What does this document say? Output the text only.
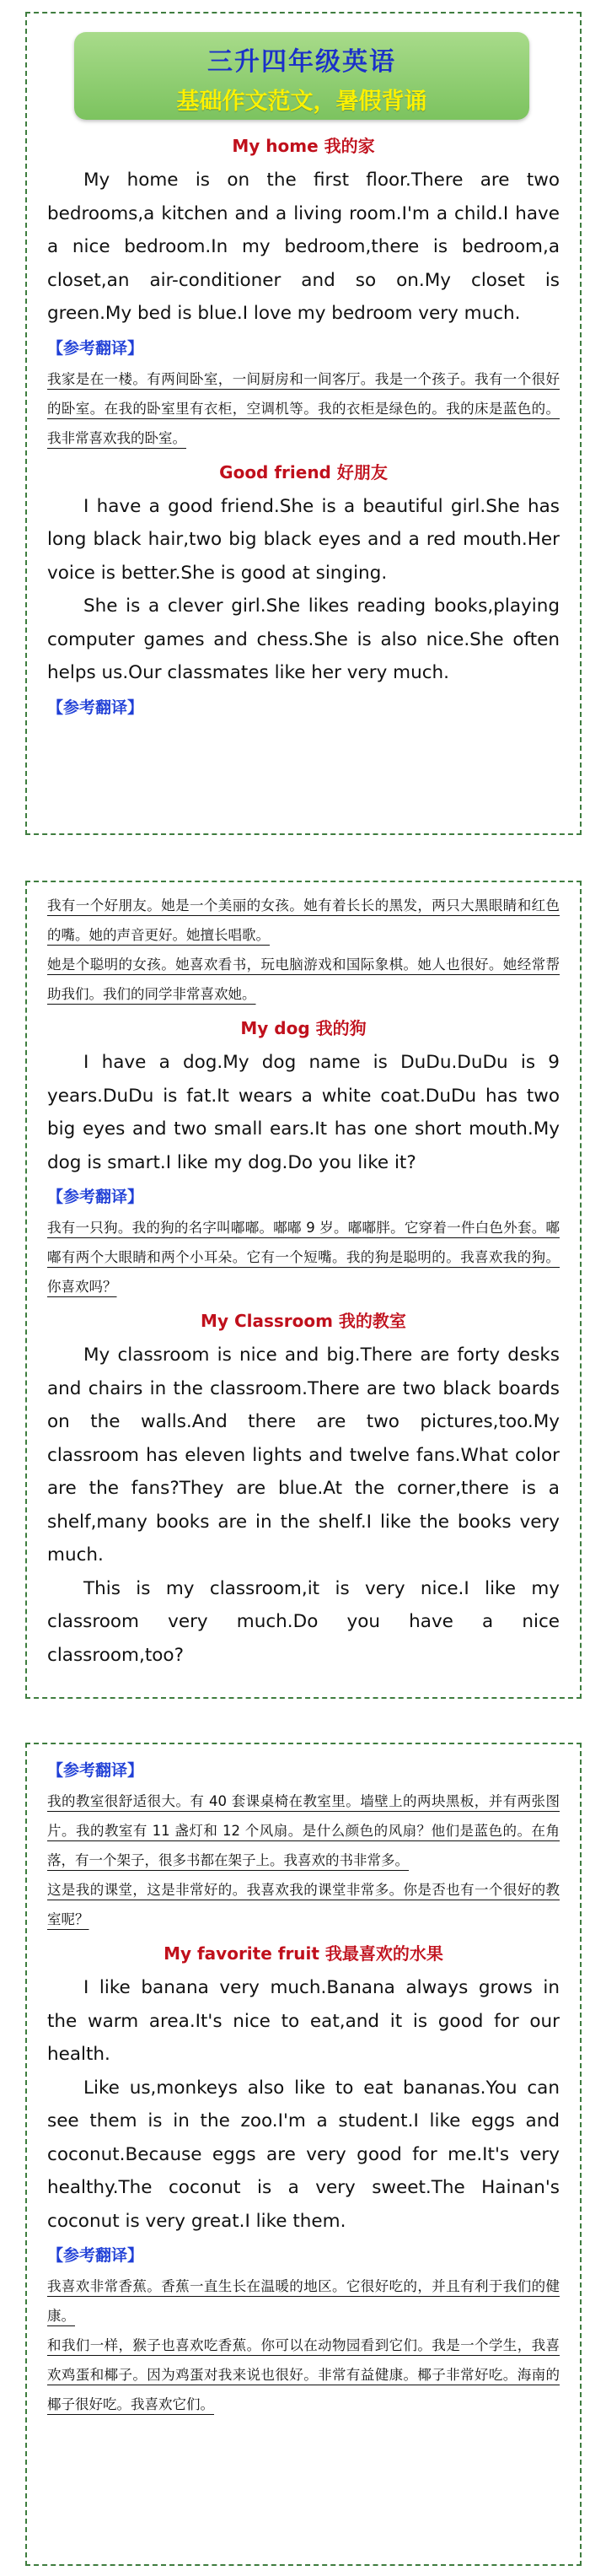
My home 我的家

My home is on the first floor.There are two bedrooms,a kitchen and a living room.I'm a child.I have a nice bedroom.In my bedroom,there is bedroom,a closet,an air-conditioner and so on.My closet is green.My bed is blue.I love my bedroom very much.

【参考翻译】

我家是在一楼。有两间卧室，一间厨房和一间客厅。我是一个孩子。我有一个很好的卧室。在我的卧室里有衣柜，空调机等。我的衣柜是绿色的。我的床是蓝色的。我非常喜欢我的卧室。

Good friend 好朋友

I have a good friend.She is a beautiful girl.She has long black hair,two big black eyes and a red mouth.Her voice is better.She is good at singing.

She is a clever girl.She likes reading books,playing computer games and chess.She is also nice.She often helps us.Our classmates like her very much.

【参考翻译】

三升四年级英语
基础作文范文，暑假背诵

我有一个好朋友。她是一个美丽的女孩。她有着长长的黑发，两只大黑眼睛和红色的嘴。她的声音更好。她擅长唱歌。

她是个聪明的女孩。她喜欢看书，玩电脑游戏和国际象棋。她人也很好。她经常帮助我们。我们的同学非常喜欢她。

My dog 我的狗

I have a dog.My dog name is DuDu.DuDu is 9 years.DuDu is fat.It wears a white coat.DuDu has two big eyes and two small ears.It has one short mouth.My dog is smart.I like my dog.Do you like it?

【参考翻译】

我有一只狗。我的狗的名字叫嘟嘟。嘟嘟 9 岁。嘟嘟胖。它穿着一件白色外套。嘟嘟有两个大眼睛和两个小耳朵。它有一个短嘴。我的狗是聪明的。我喜欢我的狗。你喜欢吗？

My Classroom 我的教室

My classroom is nice and big.There are forty desks and chairs in the classroom.There are two black boards on the walls.And there are two pictures,too.My classroom has eleven lights and twelve fans.What color are the fans?They are blue.At the corner,there is a shelf,many books are in the shelf.I like the books very much.

This is my classroom,it is very nice.I like my classroom very much.Do you have a nice classroom,too?

【参考翻译】

我的教室很舒适很大。有 40 套课桌椅在教室里。墙壁上的两块黑板，并有两张图片。我的教室有 11 盏灯和 12 个风扇。是什么颜色的风扇？他们是蓝色的。在角落，有一个架子，很多书都在架子上。我喜欢的书非常多。

这是我的课堂，这是非常好的。我喜欢我的课堂非常多。你是否也有一个很好的教室呢？

My favorite fruit 我最喜欢的水果

I like banana very much.Banana always grows in the warm area.It's nice to eat,and it is good for our health.

Like us,monkeys also like to eat bananas.You can see them is in the zoo.I'm a student.I like eggs and coconut.Because eggs are very good for me.It's very healthy.The coconut is a very sweet.The Hainan's coconut is very great.I like them.

【参考翻译】

我喜欢非常香蕉。香蕉一直生长在温暖的地区。它很好吃的，并且有利于我们的健康。

和我们一样，猴子也喜欢吃香蕉。你可以在动物园看到它们。我是一个学生，我喜欢鸡蛋和椰子。因为鸡蛋对我来说也很好。非常有益健康。椰子非常好吃。海南的椰子很好吃。我喜欢它们。
